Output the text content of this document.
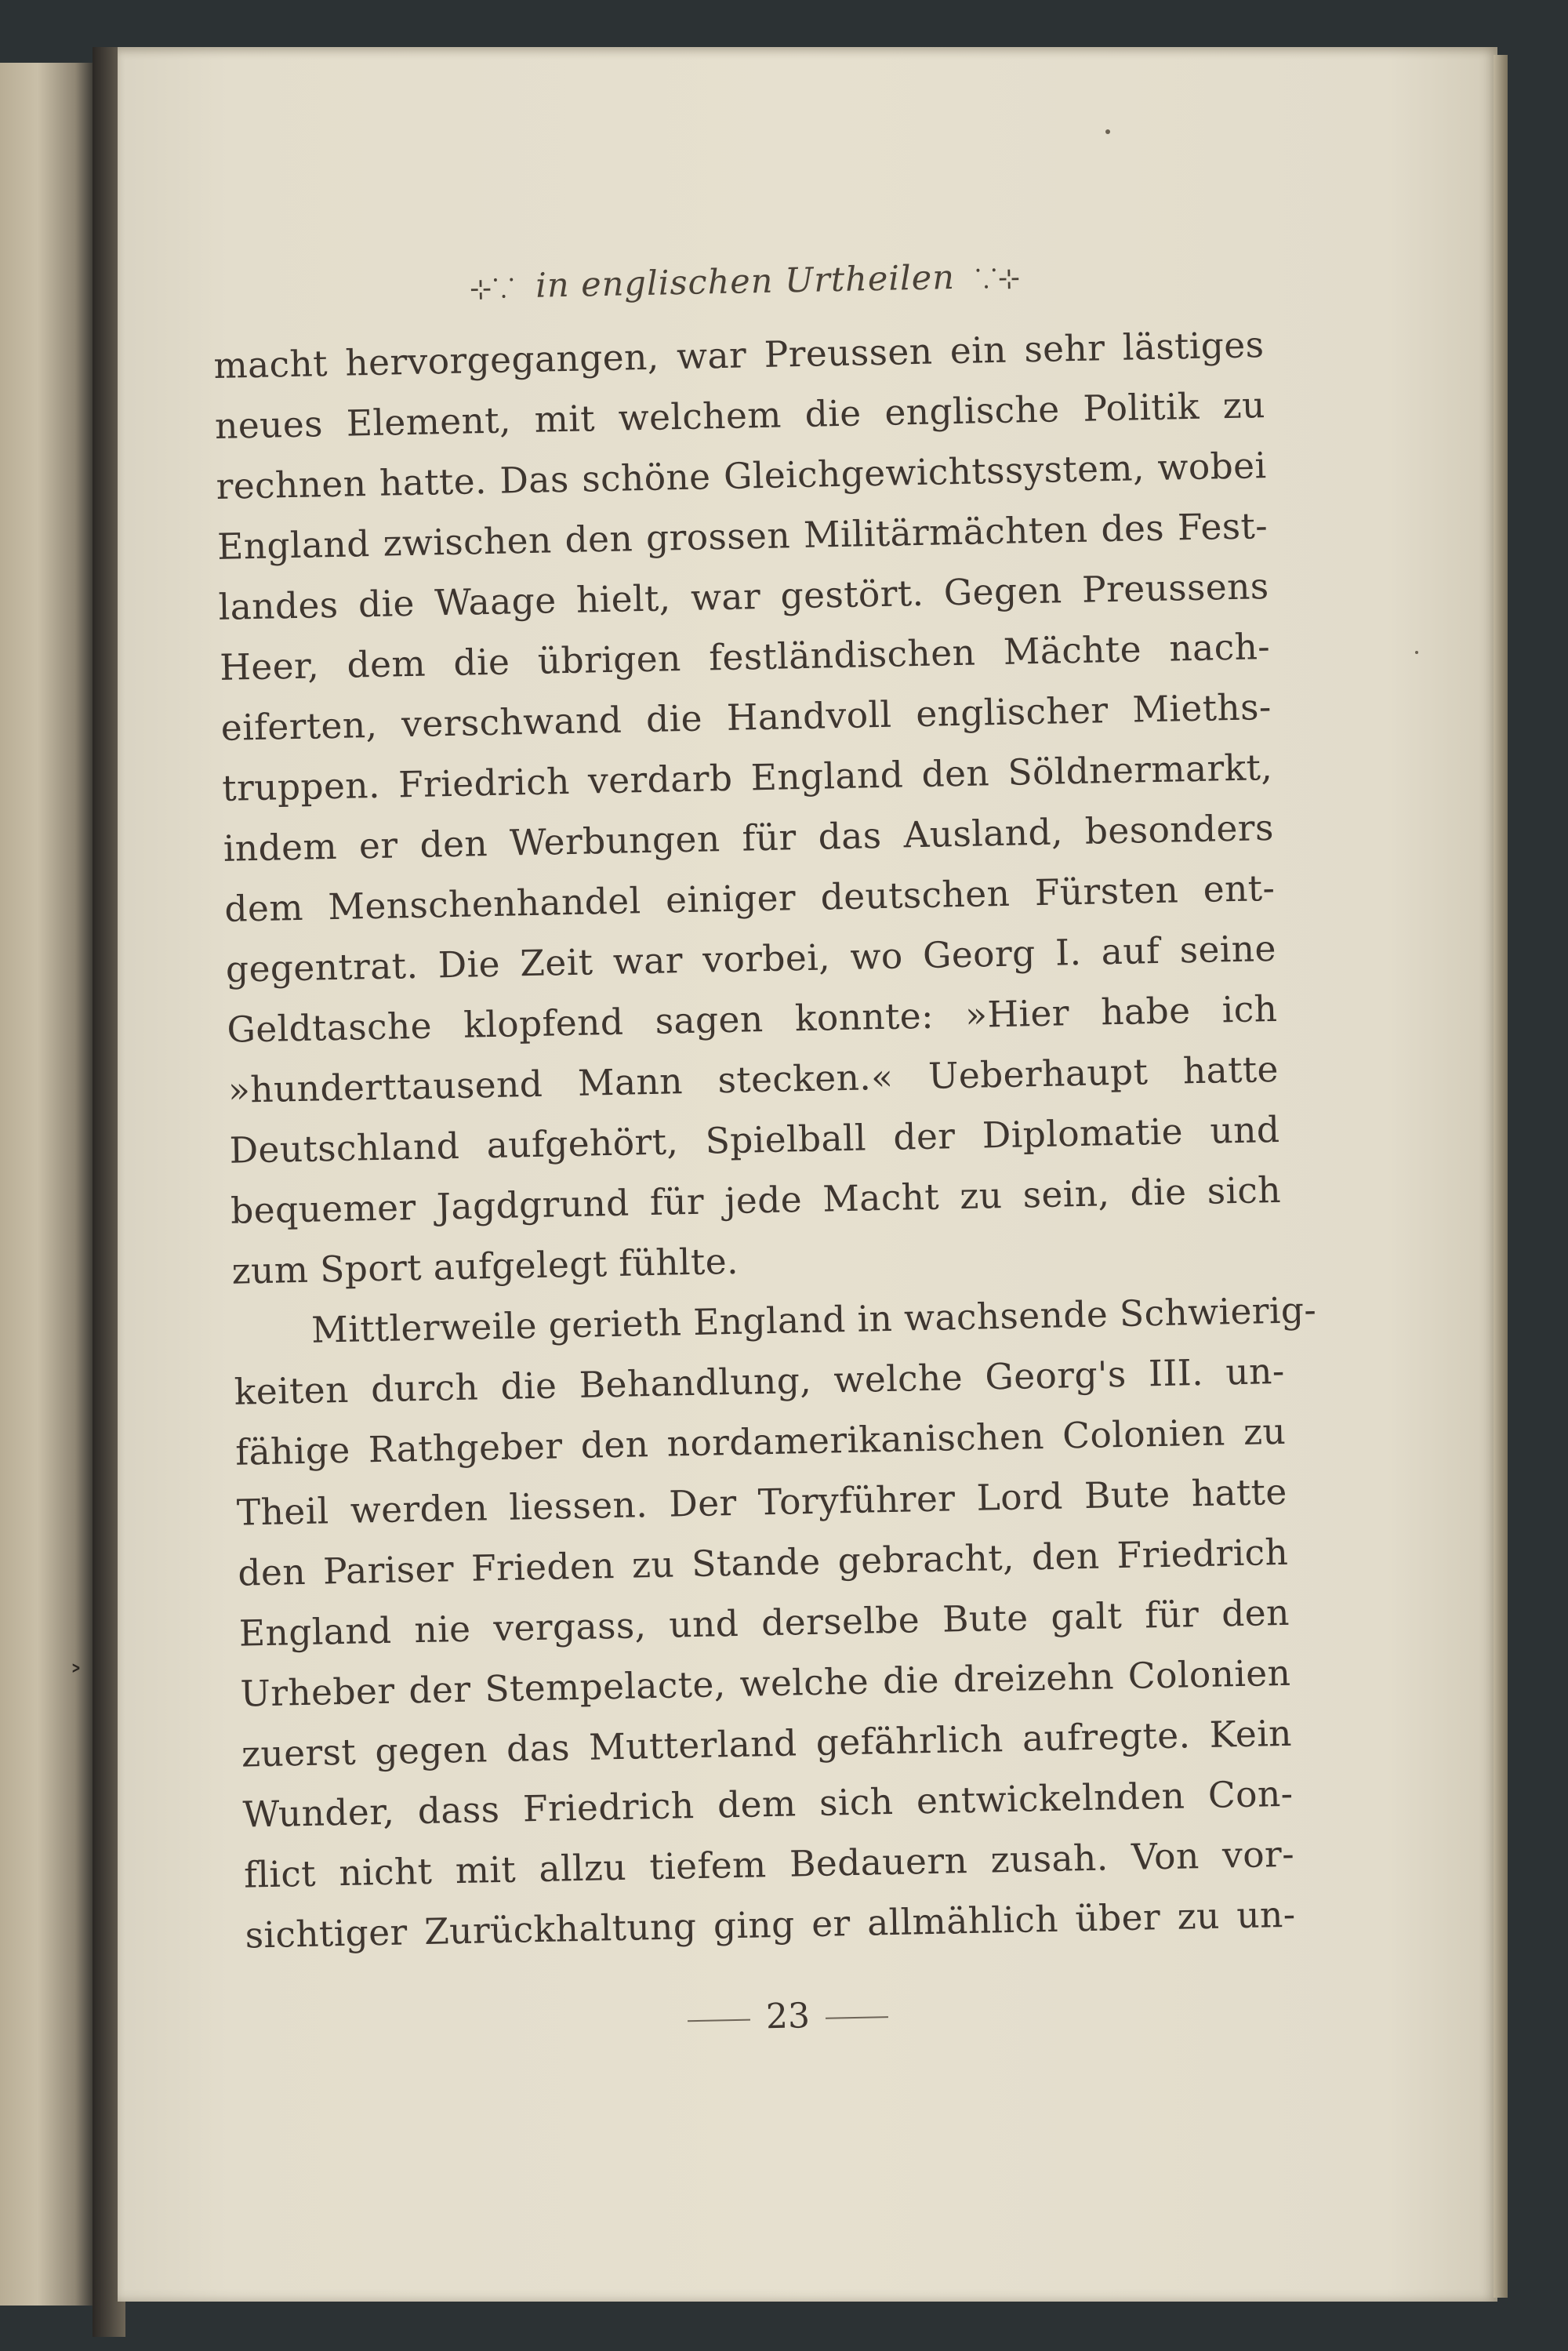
˃
⊹⸪ in englischen Urtheilen ⸪⊹
macht hervorgegangen, war Preussen ein sehr lästiges
neues Element, mit welchem die englische Politik zu
rechnen hatte. Das schöne Gleichgewichtssystem, wobei
England zwischen den grossen Militärmächten des Fest-
landes die Waage hielt, war gestört. Gegen Preussens
Heer, dem die übrigen festländischen Mächte nach-
eiferten, verschwand die Handvoll englischer Mieths-
truppen. Friedrich verdarb England den Söldnermarkt,
indem er den Werbungen für das Ausland, besonders
dem Menschenhandel einiger deutschen Fürsten ent-
gegentrat. Die Zeit war vorbei, wo Georg I. auf seine
Geldtasche klopfend sagen konnte: »Hier habe ich
»hunderttausend Mann stecken.« Ueberhaupt hatte
Deutschland aufgehört, Spielball der Diplomatie und
bequemer Jagdgrund für jede Macht zu sein, die sich
zum Sport aufgelegt fühlte.
Mittlerweile gerieth England in wachsende Schwierig-
keiten durch die Behandlung, welche Georg's III. un-
fähige Rathgeber den nordamerikanischen Colonien zu
Theil werden liessen. Der Toryführer Lord Bute hatte
den Pariser Frieden zu Stande gebracht, den Friedrich
England nie vergass, und derselbe Bute galt für den
Urheber der Stempelacte, welche die dreizehn Colonien
zuerst gegen das Mutterland gefährlich aufregte. Kein
Wunder, dass Friedrich dem sich entwickelnden Con-
flict nicht mit allzu tiefem Bedauern zusah. Von vor-
sichtiger Zurückhaltung ging er allmählich über zu un-
23
